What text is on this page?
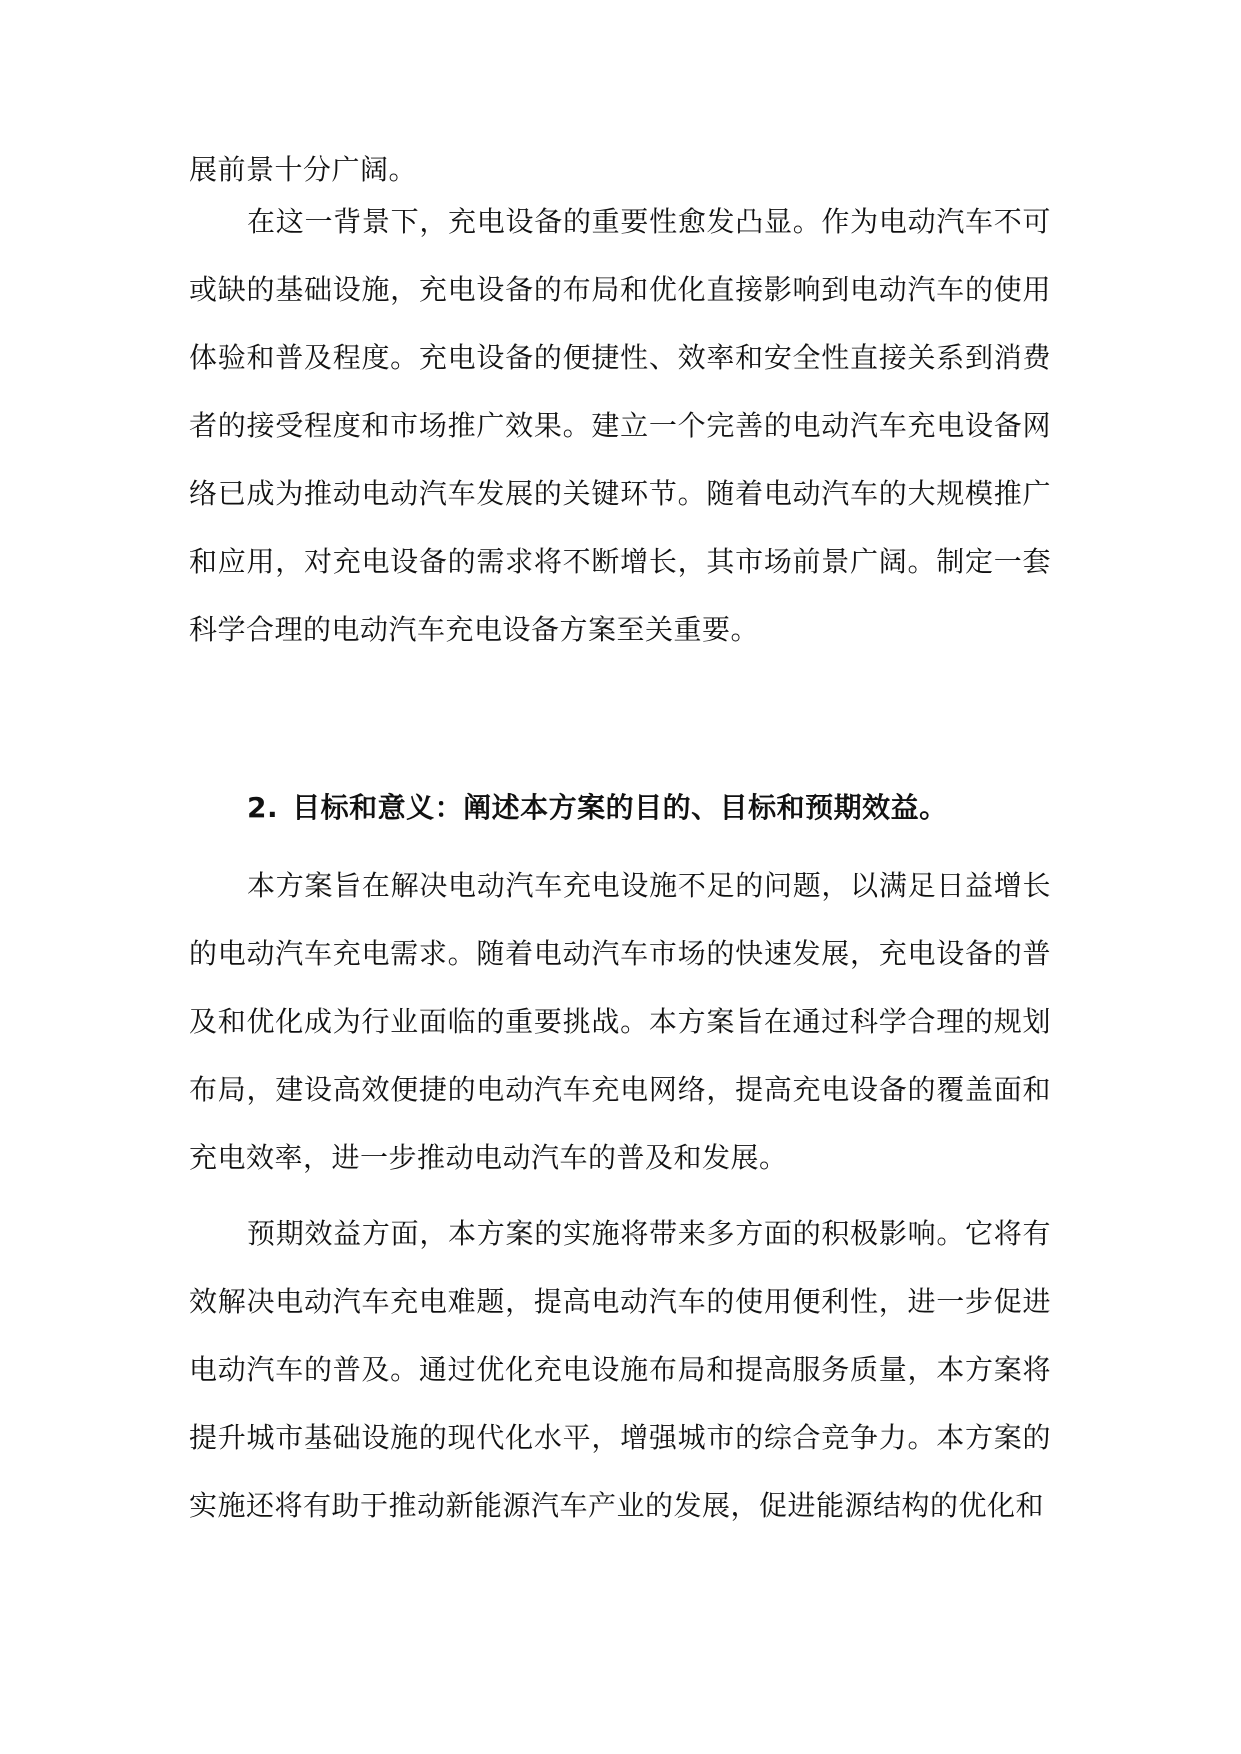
展前景十分广阔。

在这一背景下，充电设备的重要性愈发凸显。作为电动汽车不可或缺的基础设施，充电设备的布局和优化直接影响到电动汽车的使用体验和普及程度。充电设备的便捷性、效率和安全性直接关系到消费者的接受程度和市场推广效果。建立一个完善的电动汽车充电设备网络已成为推动电动汽车发展的关键环节。随着电动汽车的大规模推广和应用，对充电设备的需求将不断增长，其市场前景广阔。制定一套科学合理的电动汽车充电设备方案至关重要。

2. 目标和意义：阐述本方案的目的、目标和预期效益。

本方案旨在解决电动汽车充电设施不足的问题，以满足日益增长的电动汽车充电需求。随着电动汽车市场的快速发展，充电设备的普及和优化成为行业面临的重要挑战。本方案旨在通过科学合理的规划布局，建设高效便捷的电动汽车充电网络，提高充电设备的覆盖面和充电效率，进一步推动电动汽车的普及和发展。

预期效益方面，本方案的实施将带来多方面的积极影响。它将有效解决电动汽车充电难题，提高电动汽车的使用便利性，进一步促进电动汽车的普及。通过优化充电设施布局和提高服务质量，本方案将提升城市基础设施的现代化水平，增强城市的综合竞争力。本方案的实施还将有助于推动新能源汽车产业的发展，促进能源结构的优化和
